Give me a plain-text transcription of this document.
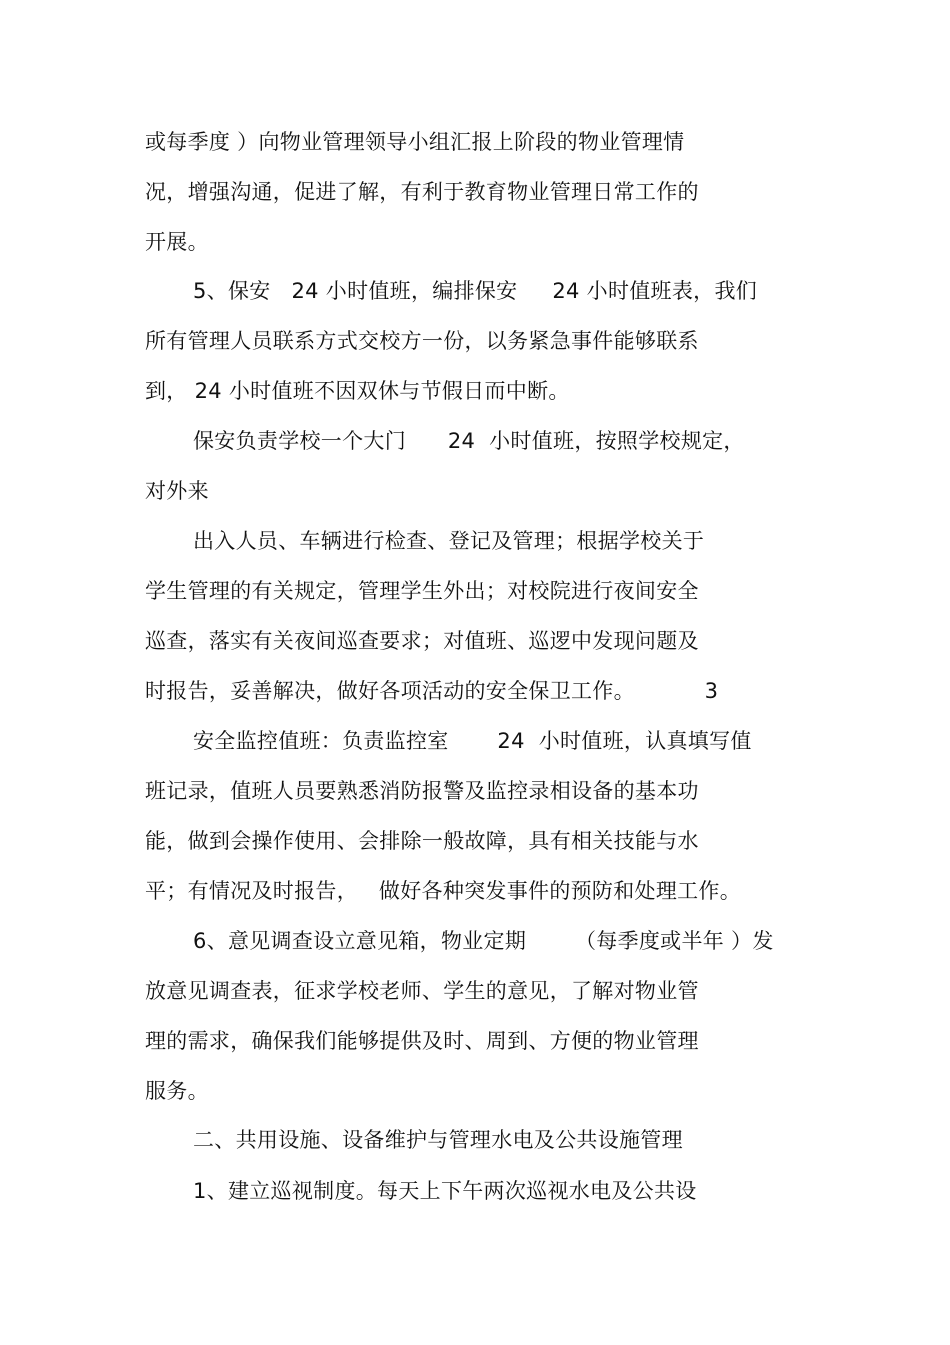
或每季度 ）向物业管理领导小组汇报上阶段的物业管理情
况，增强沟通，促进了解，有利于教育物业管理日常工作的
开展。
5、保安   24 小时值班，编排保安     24 小时值班表，我们
所有管理人员联系方式交校方一份，以务紧急事件能够联系
到， 24 小时值班不因双休与节假日而中断。
保安负责学校一个大门      24  小时值班，按照学校规定，
对外来
出入人员、车辆进行检查、登记及管理；根据学校关于
学生管理的有关规定，管理学生外出；对校院进行夜间安全
巡查，落实有关夜间巡查要求；对值班、巡逻中发现问题及
时报告，妥善解决，做好各项活动的安全保卫工作。          3
安全监控值班：负责监控室       24  小时值班，认真填写值
班记录，值班人员要熟悉消防报警及监控录相设备的基本功
能，做到会操作使用、会排除一般故障，具有相关技能与水
平；有情况及时报告，   做好各种突发事件的预防和处理工作。
6、意见调查设立意见箱，物业定期       （每季度或半年 ）发
放意见调查表，征求学校老师、学生的意见，了解对物业管
理的需求，确保我们能够提供及时、周到、方便的物业管理
服务。
二、共用设施、设备维护与管理水电及公共设施管理
1、建立巡视制度。每天上下午两次巡视水电及公共设
